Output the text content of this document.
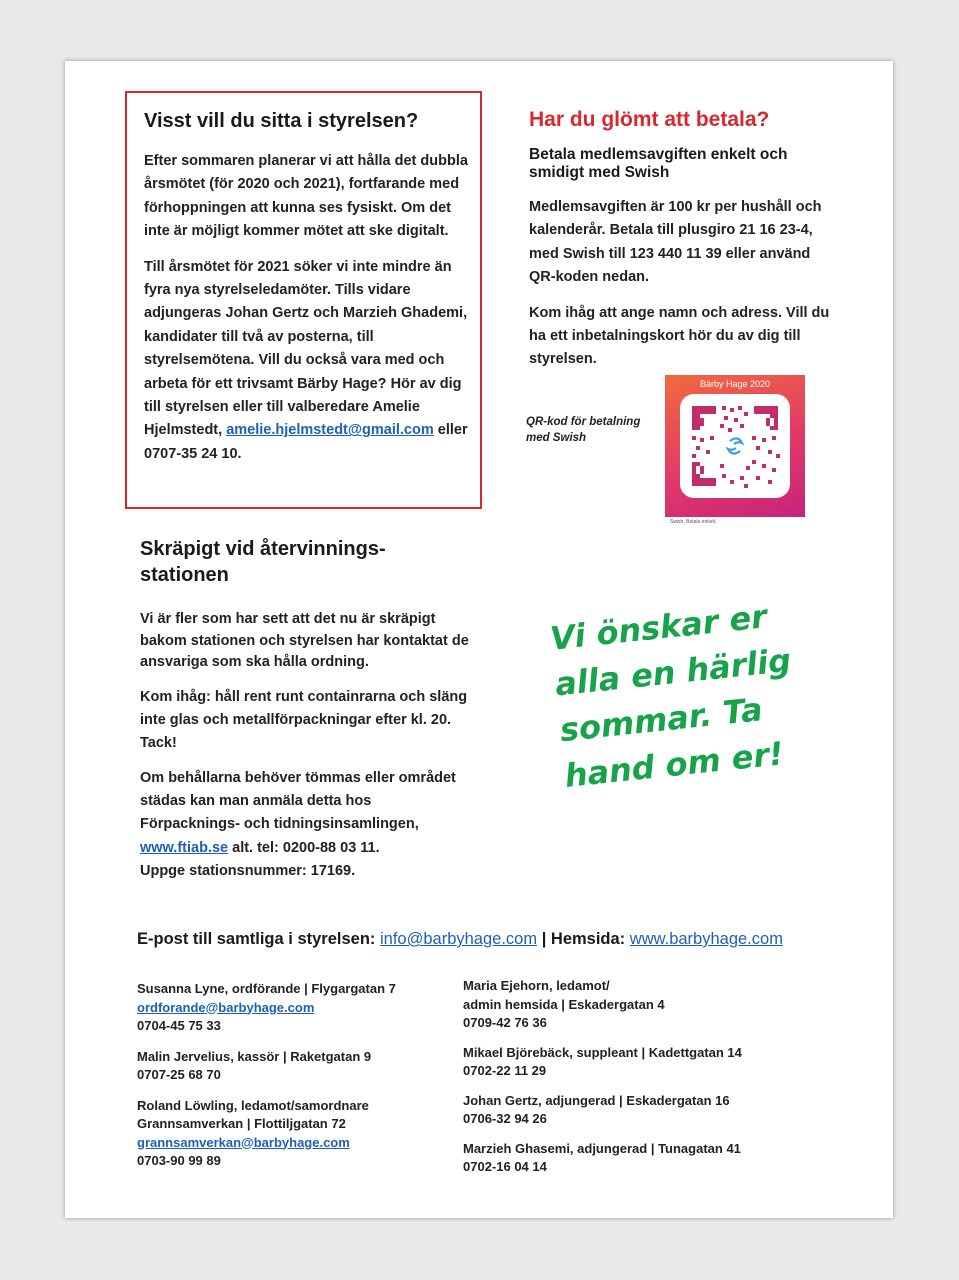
Visst vill du sitta i styrelsen?

Efter sommaren planerar vi att hålla det dubbla årsmötet (för 2020 och 2021), fortfarande med förhoppningen att kunna ses fysiskt. Om det inte är möjligt kommer mötet att ske digitalt.

Till årsmötet för 2021 söker vi inte mindre än fyra nya styrelseledamöter. Tills vidare adjungeras Johan Gertz och Marzieh Ghademi, kandidater till två av posterna, till styrelsemötena. Vill du också vara med och arbeta för ett trivsamt Bärby Hage? Hör av dig till styrelsen eller till valberedare Amelie Hjelmstedt, amelie.hjelmstedt@gmail.com eller 0707-35 24 10.

Har du glömt att betala?
Betala medlemsavgiften enkelt och smidigt med Swish

Medlemsavgiften är 100 kr per hushåll och kalenderår. Betala till plusgiro 21 16 23-4, med Swish till 123 440 11 39 eller använd QR-koden nedan.

Kom ihåg att ange namn och adress. Vill du ha ett inbetalningskort hör du av dig till styrelsen.

QR-kod för betalning
med Swish
Bärby Hage 2020
Swish. Betala enkelt.
Skräpigt vid återvinnings-stationen

Vi är fler som har sett att det nu är skräpigt bakom stationen och styrelsen har kontaktat de ansvariga som ska hålla ordning.

Kom ihåg: håll rent runt containrarna och släng inte glas och metallförpackningar efter kl. 20. Tack!

Om behållarna behöver tömmas eller området städas kan man anmäla detta hos Förpacknings- och tidningsinsamlingen,
www.ftiab.se alt. tel: 0200-88 03 11.
Uppge stationsnummer: 17169.

Vi önskar er
alla en härlig
sommar. Ta
hand om er!
E-post till samtliga i styrelsen: info@barbyhage.com | Hemsida: www.barbyhage.com
Susanna Lyne, ordförande | Flygargatan 7
ordforande@barbyhage.com
0704-45 75 33
Malin Jervelius, kassör | Raketgatan 9
0707-25 68 70
Roland Löwling, ledamot/samordnare
Grannsamverkan | Flottiljgatan 72
grannsamverkan@barbyhage.com
0703-90 99 89
Maria Ejehorn, ledamot/
admin hemsida | Eskadergatan 4
0709-42 76 36
Mikael Björebäck, suppleant | Kadettgatan 14
0702-22 11 29
Johan Gertz, adjungerad | Eskadergatan 16
0706-32 94 26
Marzieh Ghasemi, adjungerad | Tunagatan 41
0702-16 04 14
